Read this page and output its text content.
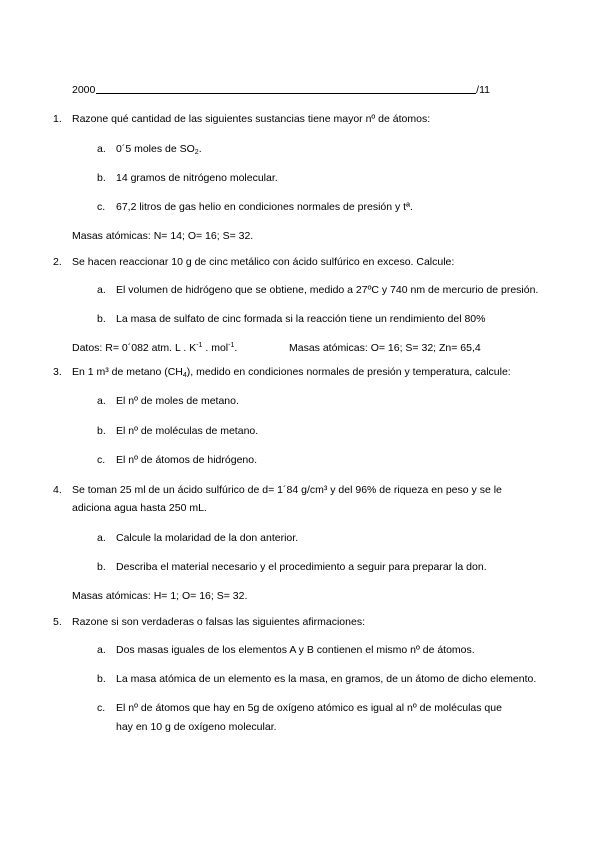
2000	/11
1. Razone qué cantidad de las siguientes sustancias tiene mayor nº de átomos:
a. 0´5 moles de $SO_2$.
b. 14 gramos de nitrógeno molecular.
c. 67,2 litros de gas helio en condiciones normales de presión y tª.
Masas atómicas: N= 14; O= 16; S= 32.
2. Se hacen reaccionar 10 g de cinc metálico con ácido sulfúrico en exceso. Calcule:
a. El volumen de hidrógeno que se obtiene, medido a 27ºC y 740 nm de mercurio de presión.
b. La masa de sulfato de cinc formada si la reacción tiene un rendimiento del 80%
Datos: R= 0´082 atm. L . $K^{-1}$ . mol$^{-1}$.	Masas atómicas: O= 16; S= 32; Zn= 65,4
3. En 1 m³ de metano $(CH_4)$, medido en condiciones normales de presión y temperatura, calcule:
a. El nº de moles de metano.
b. El nº de moléculas de metano.
c. El nº de átomos de hidrógeno.
4. Se toman 25 ml de un ácido sulfúrico de d= 1´84 g/cm³ y del 96% de riqueza en peso y se le
adiciona agua hasta 250 mL.
a. Calcule la molaridad de la don anterior.
b. Describa el material necesario y el procedimiento a seguir para preparar la don.
Masas atómicas: H= 1; O= 16; S= 32.
5. Razone si son verdaderas o falsas las siguientes afirmaciones:
a. Dos masas iguales de los elementos A y B contienen el mismo nº de átomos.
b. La masa atómica de un elemento es la masa, en gramos, de un átomo de dicho elemento.
c. El nº de átomos que hay en 5g de oxígeno atómico es igual al nº de moléculas que
hay en 10 g de oxígeno molecular.
